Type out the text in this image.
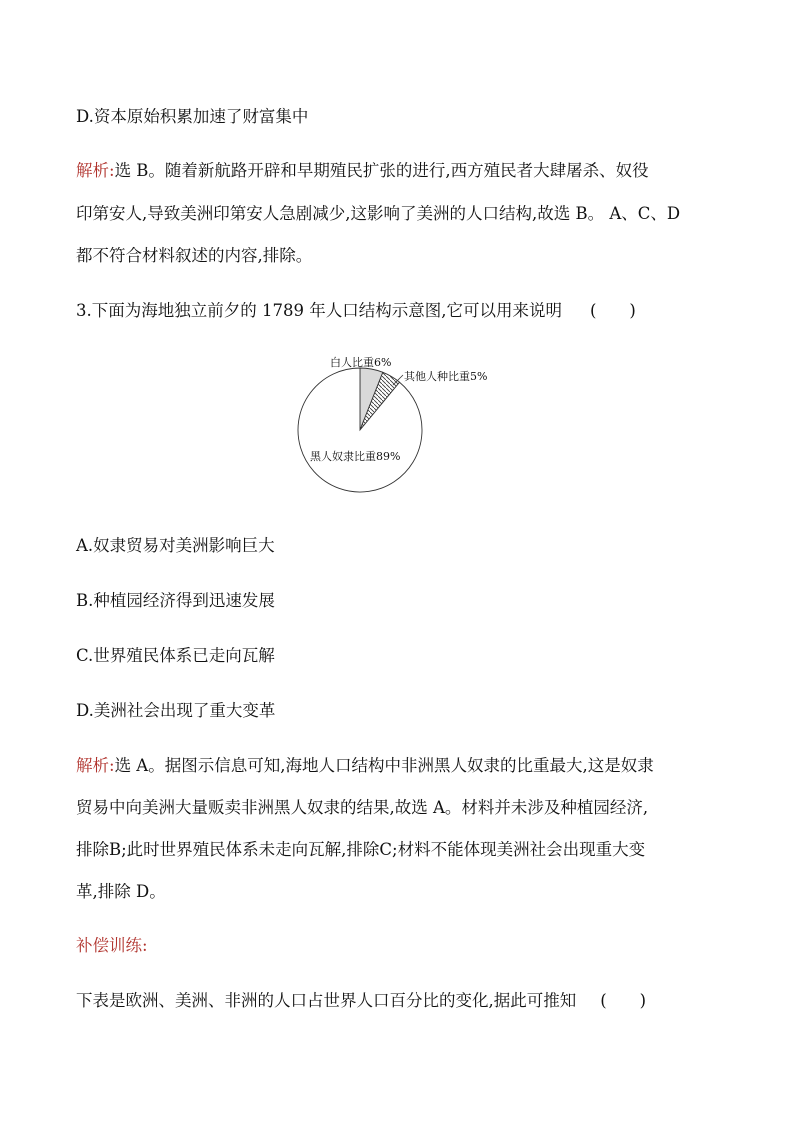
D.资本原始积累加速了财富集中
解析:选 B。随着新航路开辟和早期殖民扩张的进行,西方殖民者大肆屠杀、奴役
印第安人,导致美洲印第安人急剧减少,这影响了美洲的人口结构,故选 B。 A、C、D
都不符合材料叙述的内容,排除。
3.下面为海地独立前夕的 1789 年人口结构示意图,它可以用来说明 (　　)
白人比重6%
其他人种比重5%
黑人奴隶比重89%
A.奴隶贸易对美洲影响巨大
B.种植园经济得到迅速发展
C.世界殖民体系已走向瓦解
D.美洲社会出现了重大变革
解析:选 A。据图示信息可知,海地人口结构中非洲黑人奴隶的比重最大,这是奴隶
贸易中向美洲大量贩卖非洲黑人奴隶的结果,故选 A。材料并未涉及种植园经济,
排除B;此时世界殖民体系未走向瓦解,排除C;材料不能体现美洲社会出现重大变
革,排除 D。
补偿训练:
下表是欧洲、美洲、非洲的人口占世界人口百分比的变化,据此可推知 (　　)
